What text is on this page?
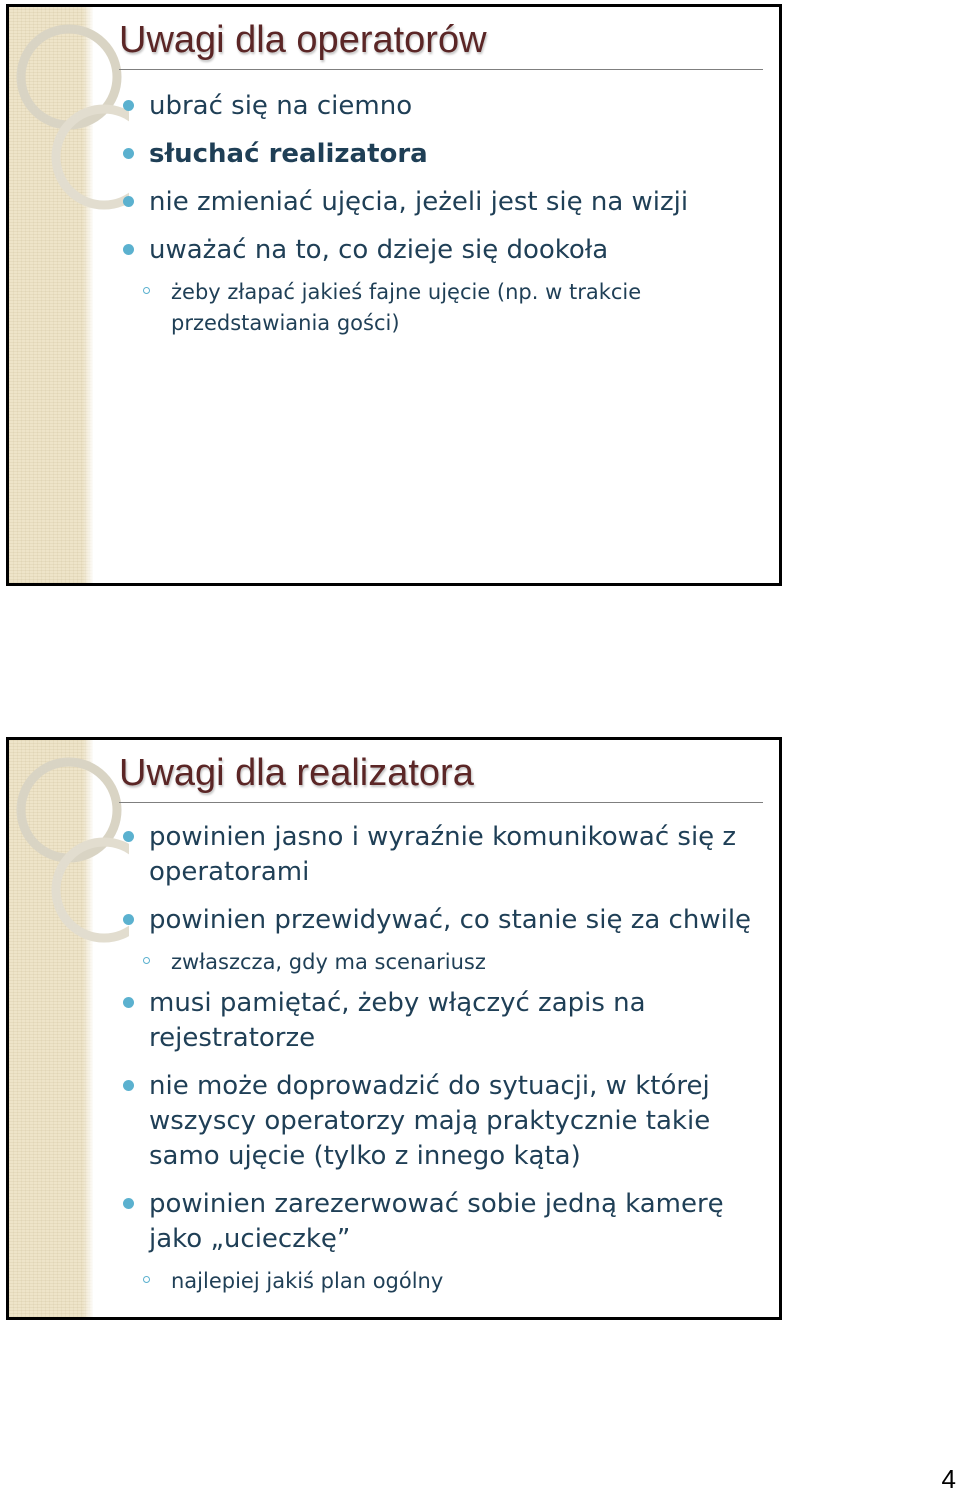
Uwagi dla operatorów
ubrać się na ciemno
słuchać realizatora
nie zmieniać ujęcia, jeżeli jest się na wizji
uważać na to, co dzieje się dookoła
żeby złapać jakieś fajne ujęcie (np. w trakcie przedstawiania gości)
Uwagi dla realizatora
powinien jasno i wyraźnie komunikować się z operatorami
powinien przewidywać, co stanie się za chwilę
zwłaszcza, gdy ma scenariusz
musi pamiętać, żeby włączyć zapis na rejestratorze
nie może doprowadzić do sytuacji, w której wszyscy operatorzy mają praktycznie takie samo ujęcie (tylko z innego kąta)
powinien zarezerwować sobie jedną kamerę jako „ucieczkę”
najlepiej jakiś plan ogólny
4
